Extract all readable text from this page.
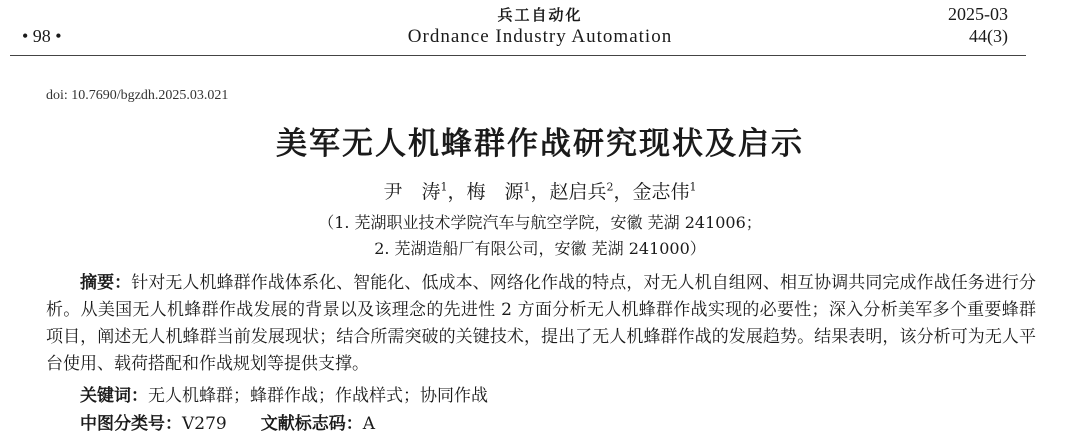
兵工自动化
Ordnance Industry Automation
• 98 •
2025-03
44(3)
doi: 10.7690/bgzdh.2025.03.021
美军无人机蜂群作战研究现状及启示
尹　涛$^1$，梅　源$^1$，赵启兵$^2$，金志伟$^1$
（1. 芜湖职业技术学院汽车与航空学院，安徽 芜湖 241006；
2. 芜湖造船厂有限公司，安徽 芜湖 241000）
摘要：针对无人机蜂群作战体系化、智能化、低成本、网络化作战的特点，对无人机自组网、相互协调共同完成作战任务进行分析。从美国无人机蜂群作战发展的背景以及该理念的先进性 2 方面分析无人机蜂群作战实现的必要性；深入分析美军多个重要蜂群项目，阐述无人机蜂群当前发展现状；结合所需突破的关键技术，提出了无人机蜂群作战的发展趋势。结果表明，该分析可为无人平台使用、载荷搭配和作战规划等提供支撑。
关键词：无人机蜂群；蜂群作战；作战样式；协同作战
中图分类号：V279 文献标志码：A
